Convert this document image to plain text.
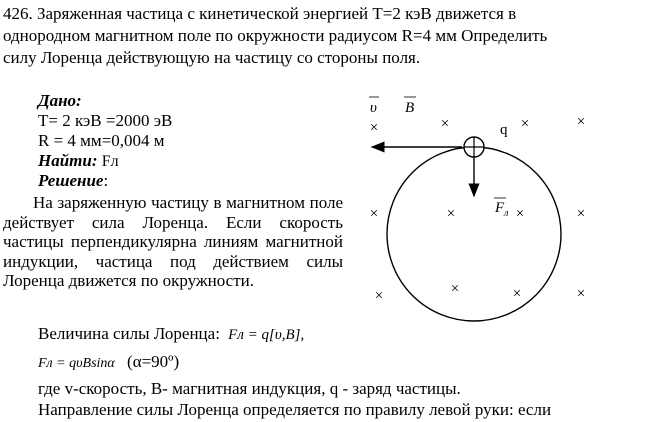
426. Заряженная частица с кинетической энергией Т=2 кэВ движется в
однородном магнитном поле по окружности радиусом R=4 мм Определить
силу Лоренца действующую на частицу со стороны поля.
Дано:
T= 2 кэВ =2000 эВ
R = 4 мм=0,004 м
Найти: Fл
Решение:
На заряженную частицу в магнитном поле действует сила Лоренца. Если скорость частицы перпендикулярна линиям магнитной индукции, частица под действием силы Лоренца движется по окружности.
Величина силы Лоренца: Fл = q[υ,B],
Fл = qυBsinα (α=90º)
где v-скорость, В- магнитная индукция, q - заряд частицы.
Направление силы Лоренца определяется по правилу левой руки: если
υ B
q
F л
×	×	×	×
×	×	×	×
×	×	×	×
